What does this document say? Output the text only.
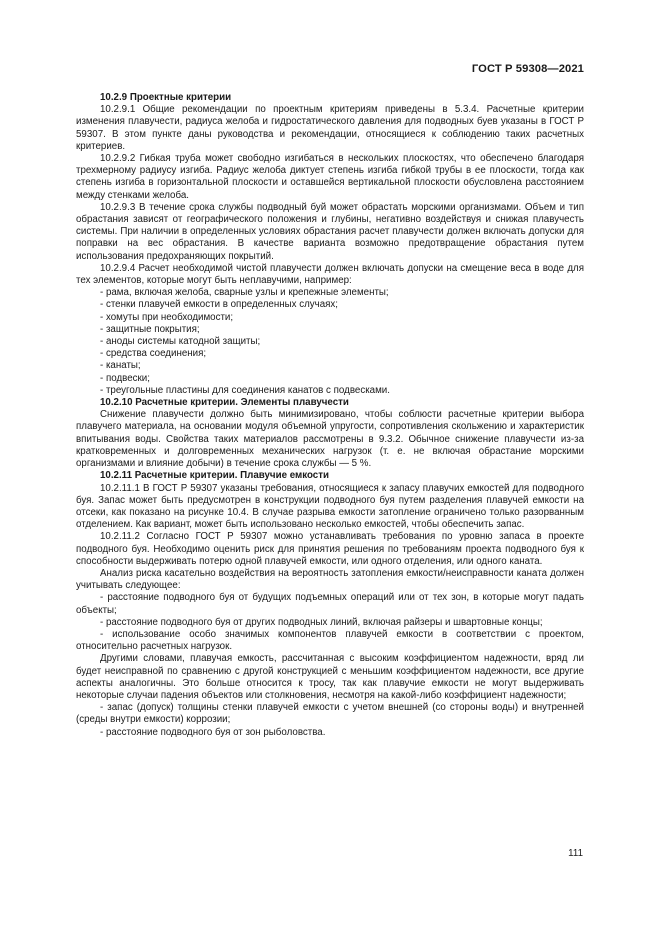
ГОСТ Р 59308—2021

10.2.9 Проектные критерии

10.2.9.1 Общие рекомендации по проектным критериям приведены в 5.3.4. Расчетные критерии изменения плавучести, радиуса желоба и гидростатического давления для подводных буев указаны в ГОСТ Р 59307. В этом пункте даны руководства и рекомендации, относящиеся к соблюдению таких расчетных критериев.

10.2.9.2 Гибкая труба может свободно изгибаться в нескольких плоскостях, что обеспечено благодаря трехмерному радиусу изгиба. Радиус желоба диктует степень изгиба гибкой трубы в ее плоскости, тогда как степень изгиба в горизонтальной плоскости и оставшейся вертикальной плоскости обусловлена расстоянием между стенками желоба.

10.2.9.3 В течение срока службы подводный буй может обрастать морскими организмами. Объем и тип обрастания зависят от географического положения и глубины, негативно воздействуя и снижая плавучесть системы. При наличии в определенных условиях обрастания расчет плавучести должен включать допуски для поправки на вес обрастания. В качестве варианта возможно предотвращение обрастания путем использования предохраняющих покрытий.

10.2.9.4 Расчет необходимой чистой плавучести должен включать допуски на смещение веса в воде для тех элементов, которые могут быть неплавучими, например:

- рама, включая желоба, сварные узлы и крепежные элементы;

- стенки плавучей емкости в определенных случаях;

- хомуты при необходимости;

- защитные покрытия;

- аноды системы катодной защиты;

- средства соединения;

- канаты;

- подвески;

- треугольные пластины для соединения канатов с подвесками.

10.2.10 Расчетные критерии. Элементы плавучести

Снижение плавучести должно быть минимизировано, чтобы соблюсти расчетные критерии выбора плавучего материала, на основании модуля объемной упругости, сопротивления скольжению и характеристик впитывания воды. Свойства таких материалов рассмотрены в 9.3.2. Обычное снижение плавучести из-за кратковременных и долговременных механических нагрузок (т. е. не включая обрастание морскими организмами и влияние добычи) в течение срока службы — 5 %.

10.2.11 Расчетные критерии. Плавучие емкости

10.2.11.1 В ГОСТ Р 59307 указаны требования, относящиеся к запасу плавучих емкостей для подводного буя. Запас может быть предусмотрен в конструкции подводного буя путем разделения плавучей емкости на отсеки, как показано на рисунке 10.4. В случае разрыва емкости затопление ограничено только разорванным отделением. Как вариант, может быть использовано несколько емкостей, чтобы обеспечить запас.

10.2.11.2 Согласно ГОСТ Р 59307 можно устанавливать требования по уровню запаса в проекте подводного буя. Необходимо оценить риск для принятия решения по требованиям проекта подводного буя к способности выдерживать потерю одной плавучей емкости, или одного отделения, или одного каната.

Анализ риска касательно воздействия на вероятность затопления емкости/неисправности каната должен учитывать следующее:

- расстояние подводного буя от будущих подъемных операций или от тех зон, в которые могут падать объекты;

- расстояние подводного буя от других подводных линий, включая райзеры и швартовные концы;

- использование особо значимых компонентов плавучей емкости в соответствии с проектом, относительно расчетных нагрузок.

Другими словами, плавучая емкость, рассчитанная с высоким коэффициентом надежности, вряд ли будет неисправной по сравнению с другой конструкцией с меньшим коэффициентом надежности, все другие аспекты аналогичны. Это больше относится к тросу, так как плавучие емкости не могут выдерживать некоторые случаи падения объектов или столкновения, несмотря на какой-либо коэффициент надежности;

- запас (допуск) толщины стенки плавучей емкости с учетом внешней (со стороны воды) и внутренней (среды внутри емкости) коррозии;

- расстояние подводного буя от зон рыболовства.

111
